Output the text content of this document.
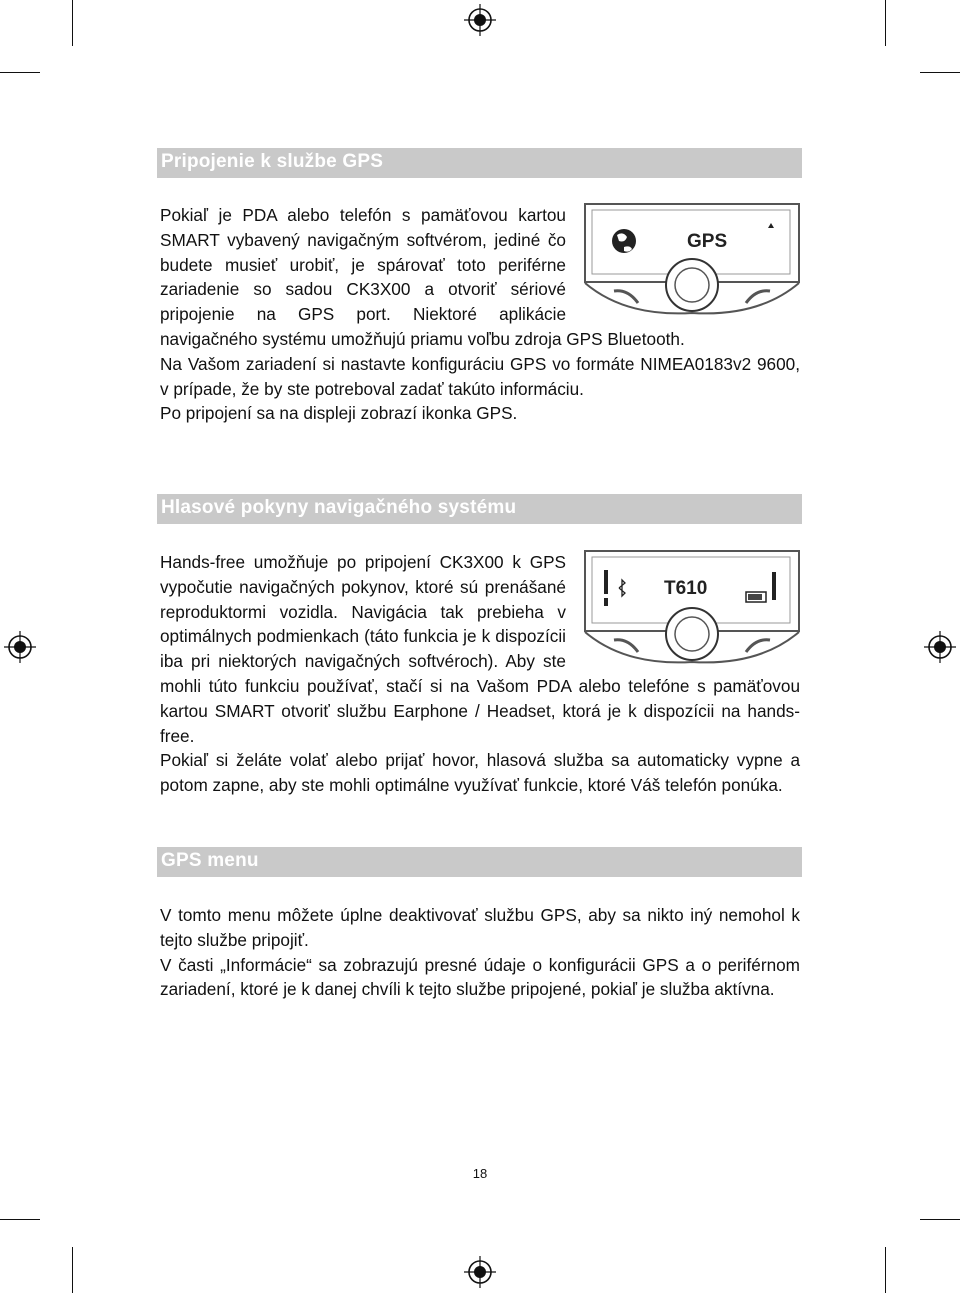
Pripojenie k službe GPS
GPS

Pokiaľ je PDA alebo telefón s pamäťovou kartou SMART vybavený navigačným softvérom, jediné čo budete musieť urobiť, je spárovať toto periférne zariadenie so sadou CK3X00 a otvoriť sériové pripojenie na GPS port. Niektoré aplikácie navigačného systému umožňujú priamu voľbu zdroja GPS Bluetooth.

Na Vašom zariadení si nastavte konfiguráciu GPS vo formáte NIMEA0183v2 9600, v prípade, že by ste potreboval zadať takúto informáciu.

Po pripojení sa na displeji zobrazí ikonka GPS.

Hlasové pokyny navigačného systému
T610

Hands-free umožňuje po pripojení CK3X00 k GPS vypočutie navigačných pokynov, ktoré sú prenášané reproduktormi vozidla. Navigácia tak prebieha v optimálnych podmienkach (táto funkcia je k dispozícii iba pri niektorých navigačných softvéroch). Aby ste mohli túto funkciu používať, stačí si na Vašom PDA alebo telefóne s pamäťovou kartou SMART otvoriť službu Earphone / Headset, ktorá je k dispozícii na hands-free.

Pokiaľ si želáte volať alebo prijať hovor, hlasová služba sa automaticky vypne a potom zapne, aby ste mohli optimálne využívať funkcie, ktoré Váš telefón ponúka.

GPS menu

V tomto menu môžete úplne deaktivovať službu GPS, aby sa nikto iný nemohol k tejto službe pripojiť.

V časti „Informácie“ sa zobrazujú presné údaje o konfigurácii GPS a o periférnom zariadení, ktoré je k danej chvíli k tejto službe pripojené, pokiaľ je služba aktívna.

18
